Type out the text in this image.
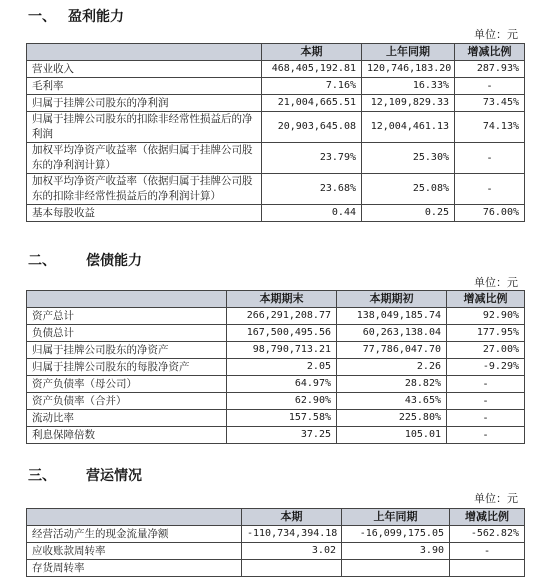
一、 盈利能力
单位：元
	本期	上年同期	增减比例
营业收入	468,405,192.81	120,746,183.20	287.93%
毛利率	7.16%	16.33%	-
归属于挂牌公司股东的净利润	21,004,665.51	12,109,829.33	73.45%
归属于挂牌公司股东的扣除非经常性损益后的净利润	20,903,645.08	12,004,461.13	74.13%
加权平均净资产收益率（依据归属于挂牌公司股东的净利润计算）	23.79%	25.30%	-
加权平均净资产收益率（依据归属于挂牌公司股东的扣除非经常性损益后的净利润计算）	23.68%	25.08%	-
基本每股收益	0.44	0.25	76.00%
二、 偿债能力
单位：元
	本期期末	本期期初	增减比例
资产总计	266,291,208.77	138,049,185.74	92.90%
负债总计	167,500,495.56	60,263,138.04	177.95%
归属于挂牌公司股东的净资产	98,790,713.21	77,786,047.70	27.00%
归属于挂牌公司股东的每股净资产	2.05	2.26	-9.29%
资产负债率（母公司）	64.97%	28.82%	-
资产负债率（合并）	62.90%	43.65%	-
流动比率	157.58%	225.80%	-
利息保障倍数	37.25	105.01	-
三、 营运情况
单位：元
	本期	上年同期	增减比例
经营活动产生的现金流量净额	-110,734,394.18	-16,099,175.05	-562.82%
应收账款周转率	3.02	3.90	-
存货周转率			
